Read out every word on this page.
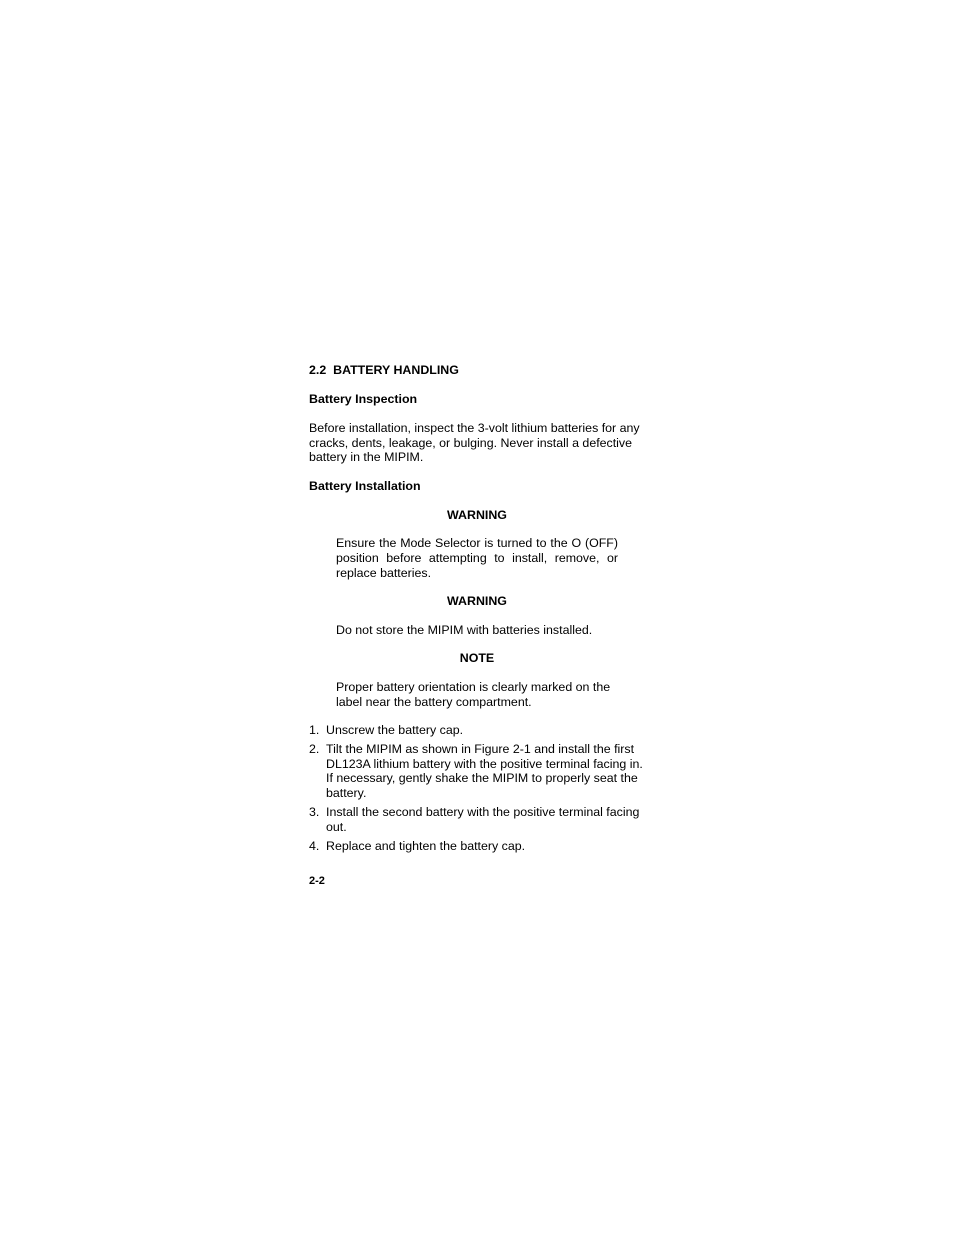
2.2 BATTERY HANDLING
Battery Inspection

Before installation, inspect the 3-volt lithium batteries for any cracks, dents, leakage, or bulging. Never install a defective battery in the MIPIM.

Battery Installation
WARNING

Ensure the Mode Selector is turned to the O (OFF) position before attempting to install, remove, or replace batteries.

WARNING

Do not store the MIPIM with batteries installed.

NOTE

Proper battery orientation is clearly marked on the label near the battery compartment.

1. Unscrew the battery cap.
2. Tilt the MIPIM as shown in Figure 2-1 and install the first DL123A lithium battery with the positive terminal facing in. If necessary, gently shake the MIPIM to properly seat the battery.
3. Install the second battery with the positive terminal facing out.
4. Replace and tighten the battery cap.
2-2
